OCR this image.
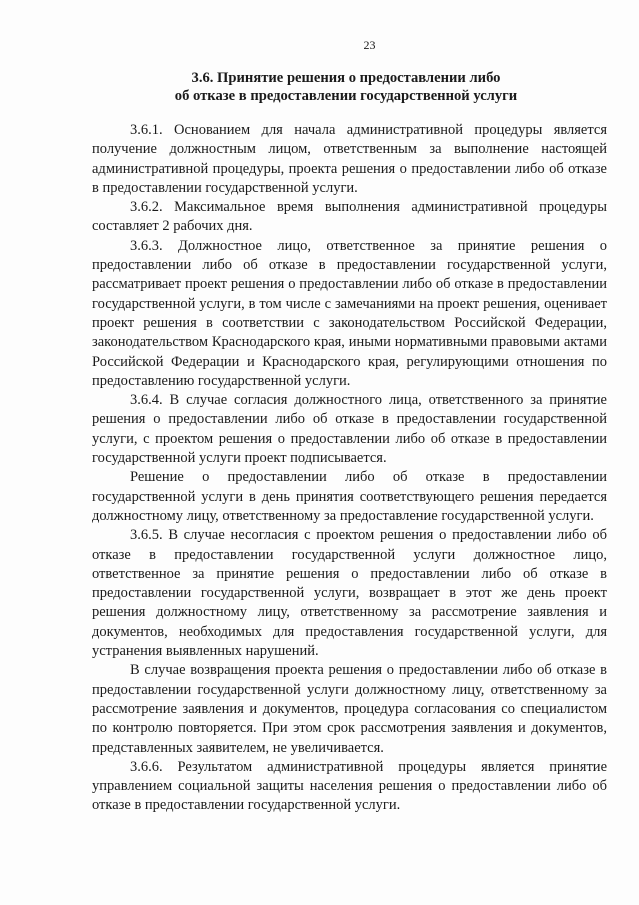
23
3.6. Принятие решения о предоставлении либо
об отказе в предоставлении государственной услуги

3.6.1. Основанием для начала административной процедуры является получение должностным лицом, ответственным за выполнение настоящей административной процедуры, проекта решения о предоставлении либо об отказе в предоставлении государственной услуги.

3.6.2. Максимальное время выполнения административной процедуры составляет 2 рабочих дня.

3.6.3. Должностное лицо, ответственное за принятие решения о предоставлении либо об отказе в предоставлении государственной услуги, рассматривает проект решения о предоставлении либо об отказе в предоставлении государственной услуги, в том числе с замечаниями на проект решения, оценивает проект решения в соответствии с законодательством Российской Федерации, законодательством Краснодарского края, иными нормативными правовыми актами Российской Федерации и Краснодарского края, регулирующими отношения по предоставлению государственной услуги.

3.6.4. В случае согласия должностного лица, ответственного за принятие решения о предоставлении либо об отказе в предоставлении государственной услуги, с проектом решения о предоставлении либо об отказе в предоставлении государственной услуги проект подписывается.

Решение о предоставлении либо об отказе в предоставлении государственной услуги в день принятия соответствующего решения передается должностному лицу, ответственному за предоставление государственной услуги.

3.6.5. В случае несогласия с проектом решения о предоставлении либо об отказе в предоставлении государственной услуги должностное лицо, ответственное за принятие решения о предоставлении либо об отказе в предоставлении государственной услуги, возвращает в этот же день проект решения должностному лицу, ответственному за рассмотрение заявления и документов, необходимых для предоставления государственной услуги, для устранения выявленных нарушений.

В случае возвращения проекта решения о предоставлении либо об отказе в предоставлении государственной услуги должностному лицу, ответственному за рассмотрение заявления и документов, процедура согласования со специалистом по контролю повторяется. При этом срок рассмотрения заявления и документов, представленных заявителем, не увеличивается.

3.6.6. Результатом административной процедуры является принятие управлением социальной защиты населения решения о предоставлении либо об отказе в предоставлении государственной услуги.
